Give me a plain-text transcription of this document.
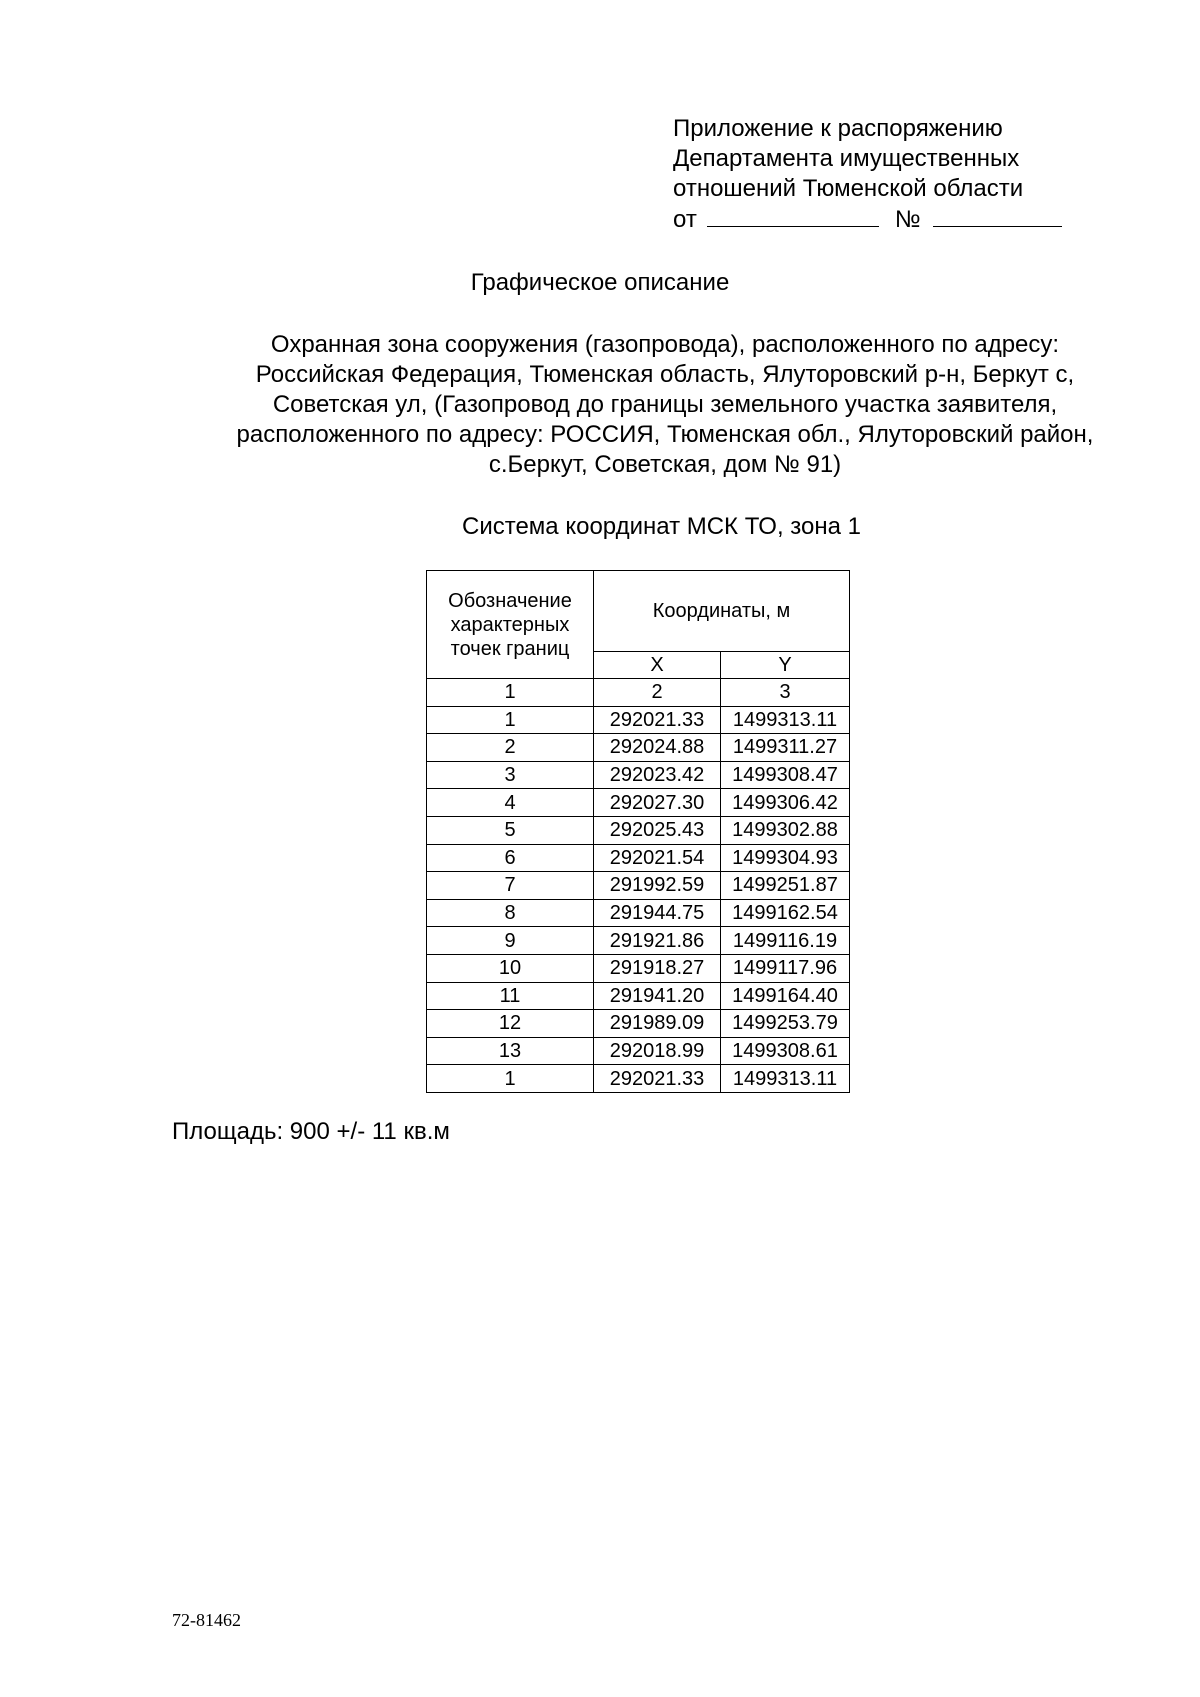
Приложение к распоряжению
Департамента имущественных
отношений Тюменской области
от	№
Графическое описание
Охранная зона сооружения (газопровода), расположенного по адресу:
Российская Федерация, Тюменская область, Ялуторовский р-н, Беркут с,
Советская ул, (Газопровод до границы земельного участка заявителя,
расположенного по адресу: РОССИЯ, Тюменская обл., Ялуторовский район,
с.Беркут, Советская, дом № 91)
Система координат МСК ТО, зона 1
Обозначение характерных точек границ	Координаты, м	
	X	Y
1	2	3
1	292021.33	1499313.11
2	292024.88	1499311.27
3	292023.42	1499308.47
4	292027.30	1499306.42
5	292025.43	1499302.88
6	292021.54	1499304.93
7	291992.59	1499251.87
8	291944.75	1499162.54
9	291921.86	1499116.19
10	291918.27	1499117.96
11	291941.20	1499164.40
12	291989.09	1499253.79
13	292018.99	1499308.61
1	292021.33	1499313.11
Площадь: 900 +/- 11 кв.м
72-81462
